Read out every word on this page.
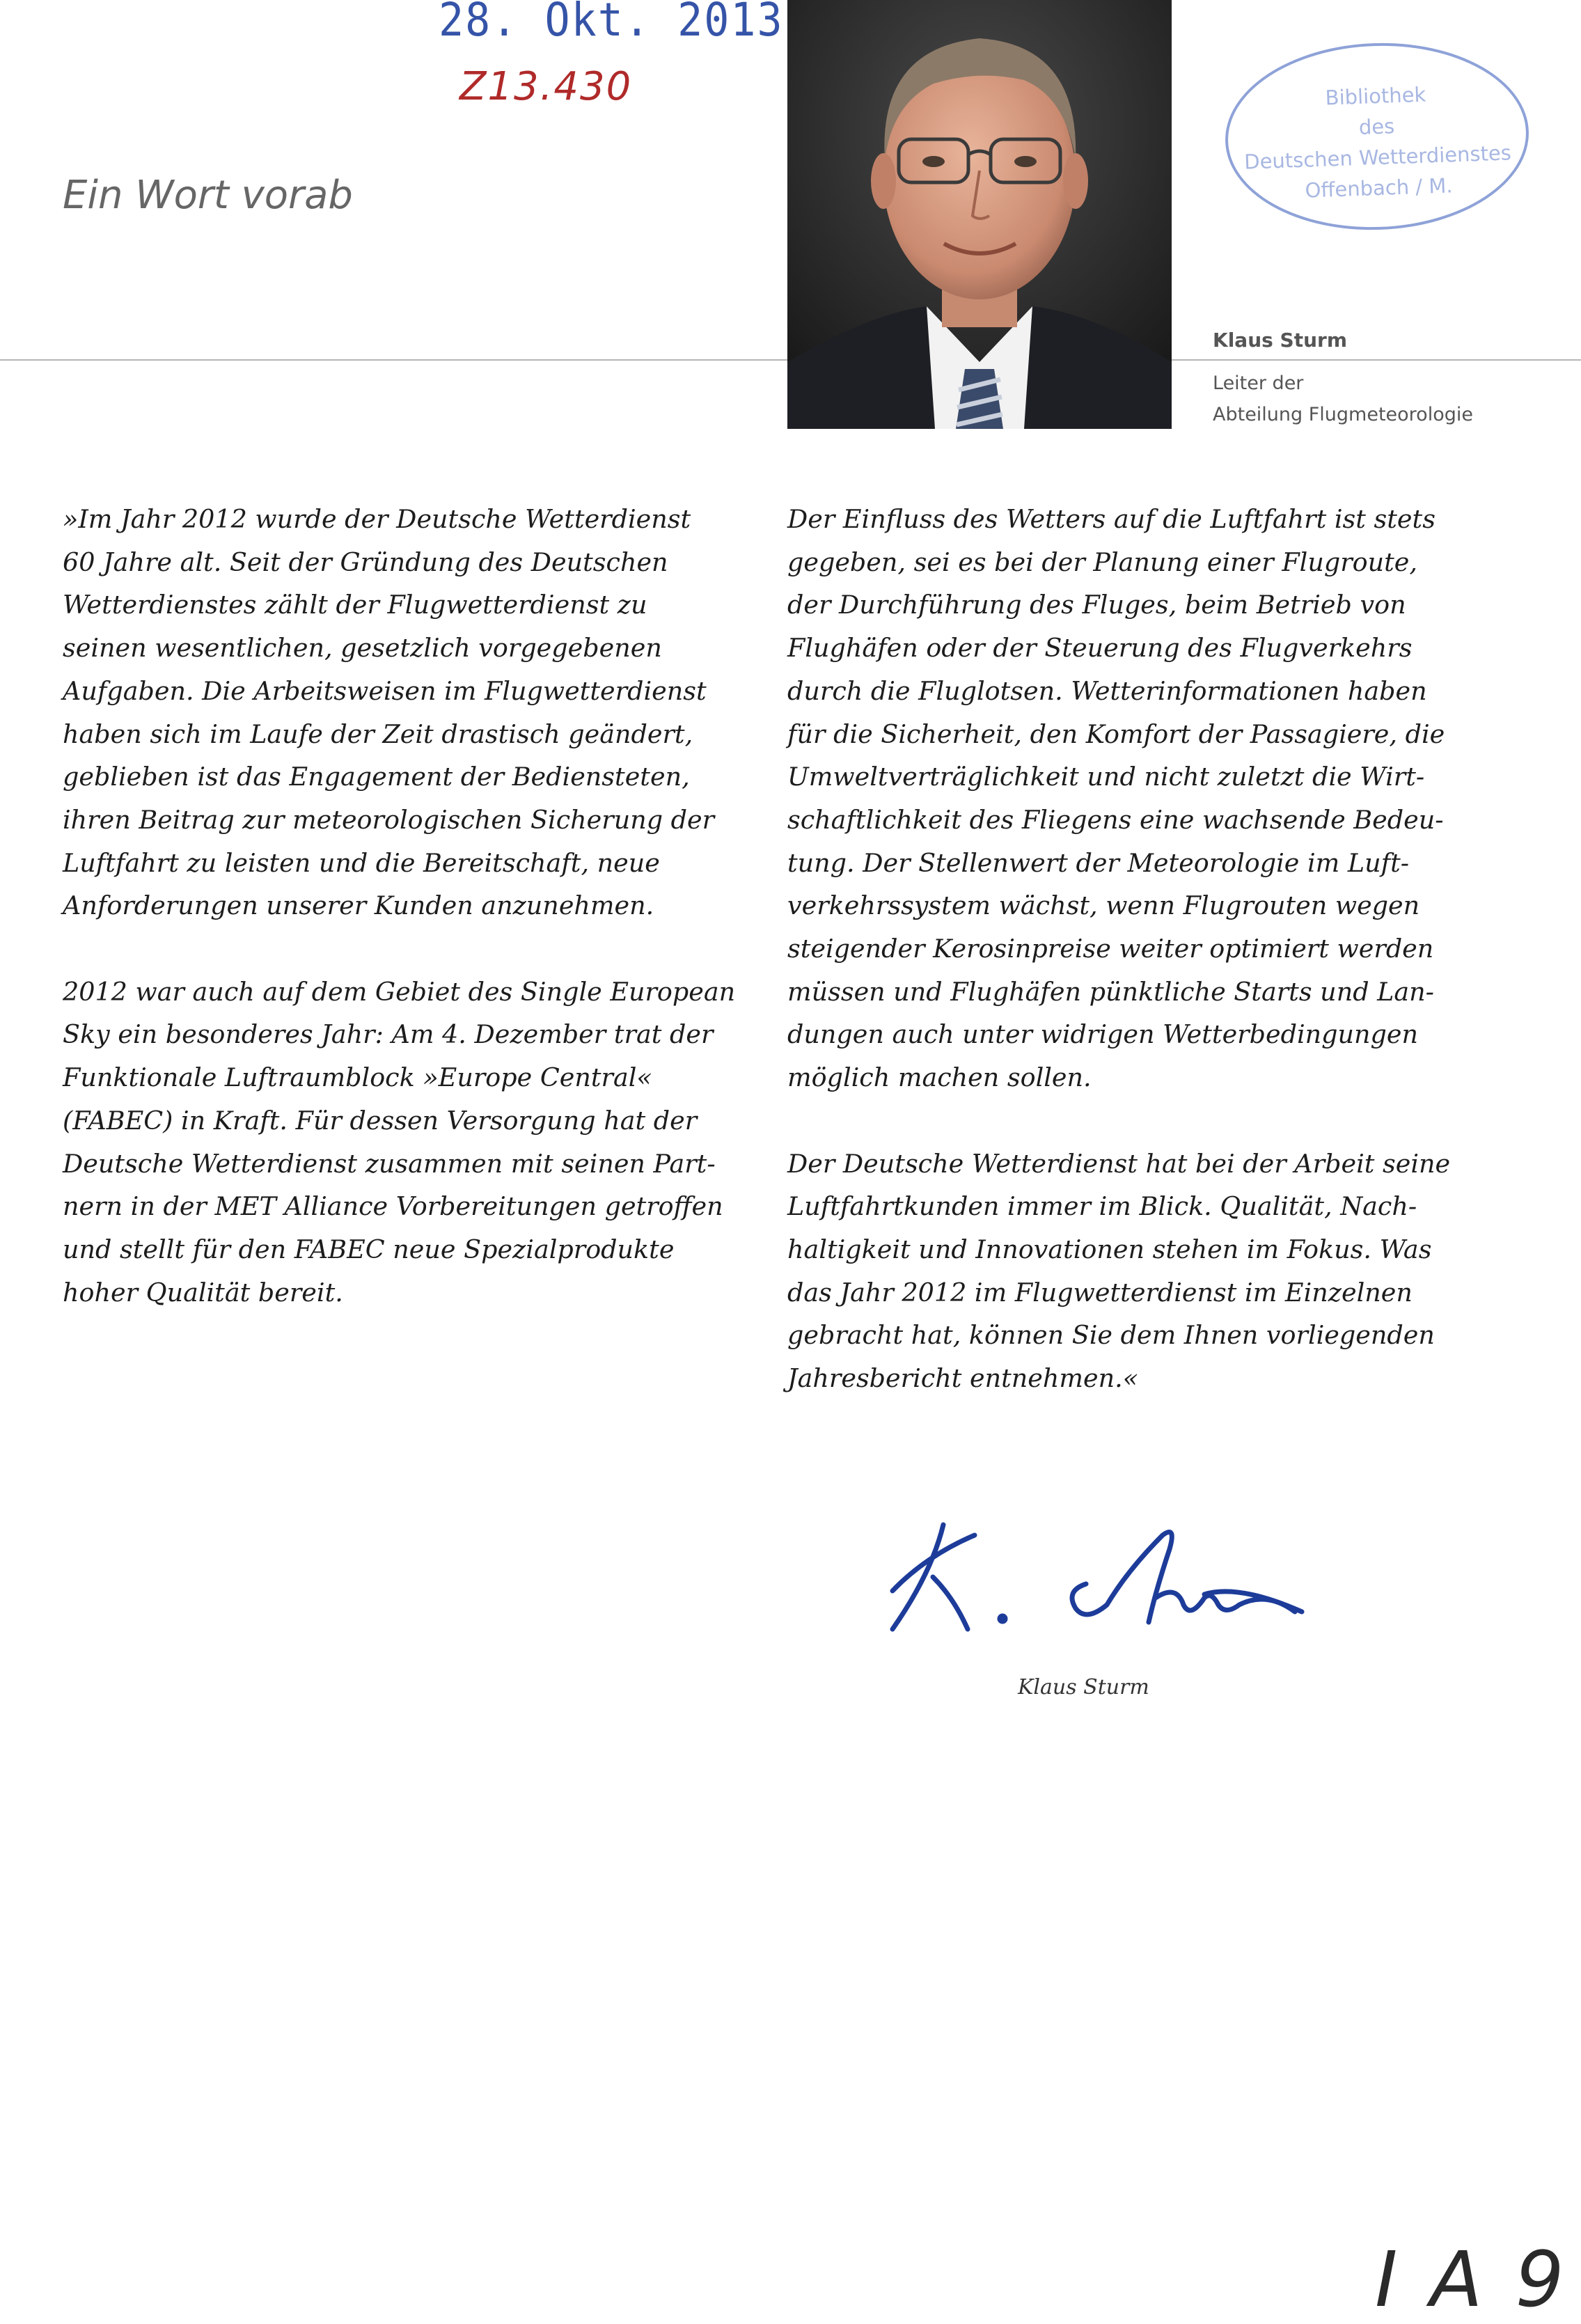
28. Okt. 2013
Z13.430
Ein Wort vorab
Bibliothek
des
Deutschen Wetterdienstes
Offenbach / M.
Klaus Sturm
Leiter der
Abteilung Flugmeteorologie

»Im Jahr 2012 wurde der Deutsche Wetterdienst
60 Jahre alt. Seit der Gründung des Deutschen
Wetterdienstes zählt der Flugwetterdienst zu
seinen wesentlichen, gesetzlich vorgegebenen
Aufgaben. Die Arbeitsweisen im Flugwetterdienst
haben sich im Laufe der Zeit drastisch geändert,
geblieben ist das Engagement der Bediensteten,
ihren Beitrag zur meteorologischen Sicherung der
Luftfahrt zu leisten und die Bereitschaft, neue
Anforderungen unserer Kunden anzunehmen.

2012 war auch auf dem Gebiet des Single European
Sky ein besonderes Jahr: Am 4. Dezember trat der
Funktionale Luftraumblock »Europe Central«
(FABEC) in Kraft. Für dessen Versorgung hat der
Deutsche Wetterdienst zusammen mit seinen Part-
nern in der MET Alliance Vorbereitungen getroffen
und stellt für den FABEC neue Spezialprodukte
hoher Qualität bereit.

Der Einfluss des Wetters auf die Luftfahrt ist stets
gegeben, sei es bei der Planung einer Flugroute,
der Durchführung des Fluges, beim Betrieb von
Flughäfen oder der Steuerung des Flugverkehrs
durch die Fluglotsen. Wetterinformationen haben
für die Sicherheit, den Komfort der Passagiere, die
Umweltverträglichkeit und nicht zuletzt die Wirt-
schaftlichkeit des Fliegens eine wachsende Bedeu-
tung. Der Stellenwert der Meteorologie im Luft-
verkehrssystem wächst, wenn Flugrouten wegen
steigender Kerosinpreise weiter optimiert werden
müssen und Flughäfen pünktliche Starts und Lan-
dungen auch unter widrigen Wetterbedingungen
möglich machen sollen.

Der Deutsche Wetterdienst hat bei der Arbeit seine
Luftfahrtkunden immer im Blick. Qualität, Nach-
haltigkeit und Innovationen stehen im Fokus. Was
das Jahr 2012 im Flugwetterdienst im Einzelnen
gebracht hat, können Sie dem Ihnen vorliegenden
Jahresbericht entnehmen.«

Klaus Sturm
I A 9
